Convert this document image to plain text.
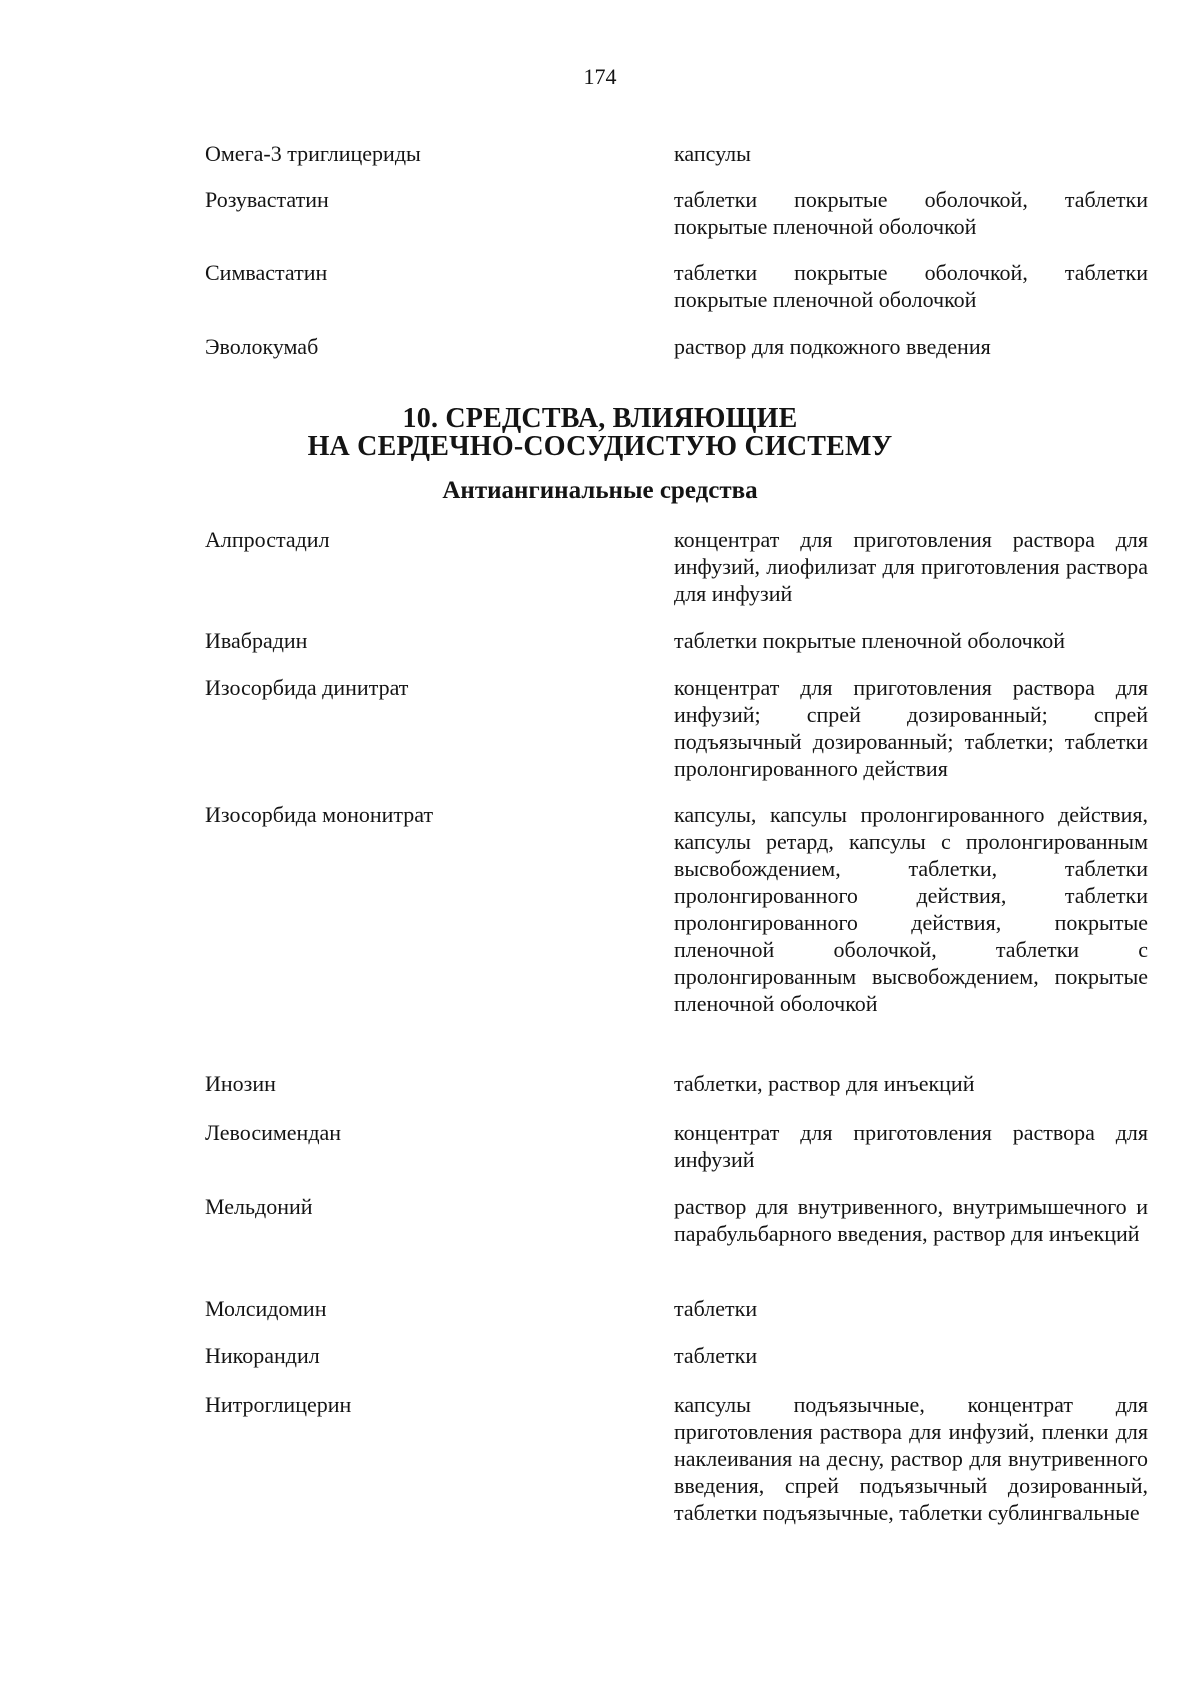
174
Омега-3 триглицериды	капсулы
Розувастатин	таблетки покрытые оболочкой, таблетки покрытые пленочной оболочкой
Симвастатин	таблетки покрытые оболочкой, таблетки покрытые пленочной оболочкой
Эволокумаб	раствор для подкожного введения
10. СРЕДСТВА, ВЛИЯЮЩИЕ
НА СЕРДЕЧНО-СОСУДИСТУЮ СИСТЕМУ
Антиангинальные средства
Алпростадил	концентрат для приготовления раствора для инфузий, лиофилизат для приготовления раствора для инфузий
Ивабрадин	таблетки покрытые пленочной оболочкой
Изосорбида динитрат	концентрат для приготовления раствора для инфузий; спрей дозированный; спрей подъязычный дозированный; таблетки; таблетки пролонгированного действия
Изосорбида мононитрат	капсулы, капсулы пролонгированного действия, капсулы ретард, капсулы с пролонгированным высвобождением, таблетки, таблетки пролонгированного действия, таблетки пролонгированного действия, покрытые пленочной оболочкой, таблетки с пролонгированным высвобождением, покрытые пленочной оболочкой
Инозин	таблетки, раствор для инъекций
Левосимендан	концентрат для приготовления раствора для инфузий
Мельдоний	раствор для внутривенного, внутримышечного и парабульбарного введения, раствор для инъекций
Молсидомин	таблетки
Никорандил	таблетки
Нитроглицерин	капсулы подъязычные, концентрат для приготовления раствора для инфузий, пленки для наклеивания на десну, раствор для внутривенного введения, спрей подъязычный дозированный, таблетки подъязычные, таблетки сублингвальные
